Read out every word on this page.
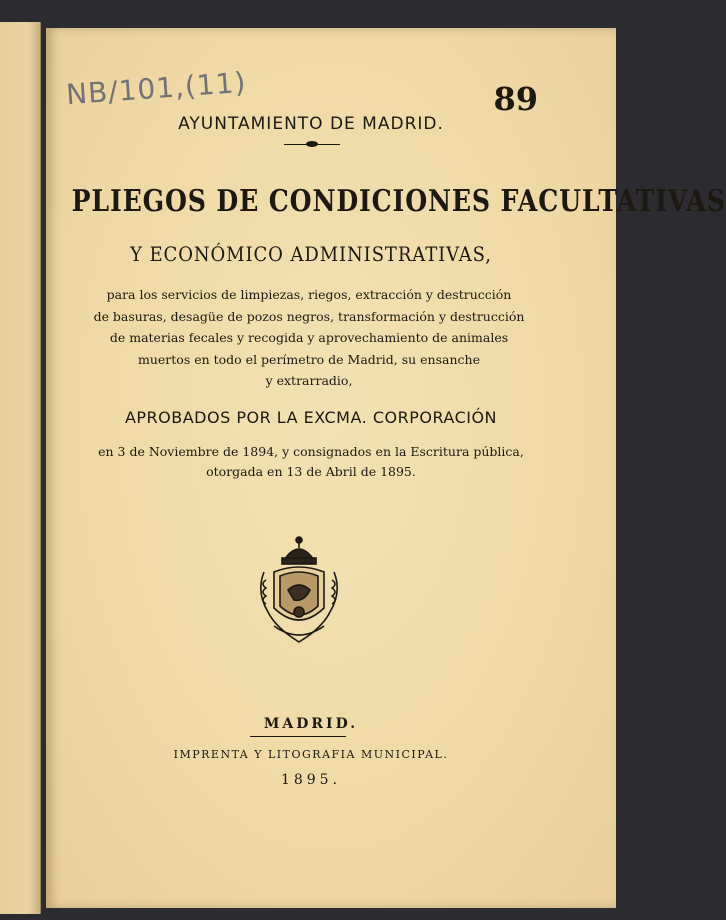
NB/101,(11)	89
AYUNTAMIENTO DE MADRID.
PLIEGOS DE CONDICIONES FACULTATIVAS
Y ECONÓMICO ADMINISTRATIVAS,
para los servicios de limpiezas, riegos, extracción y destrucción
de basuras, desagüe de pozos negros, transformación y destrucción
de materias fecales y recogida y aprovechamiento de animales
muertos en todo el perímetro de Madrid, su ensanche
y extrarradio,
APROBADOS POR LA EXCMA. CORPORACIÓN
en 3 de Noviembre de 1894, y consignados en la Escritura pública,
otorgada en 13 de Abril de 1895.
MADRID.
IMPRENTA Y LITOGRAFIA MUNICIPAL.
1895.
